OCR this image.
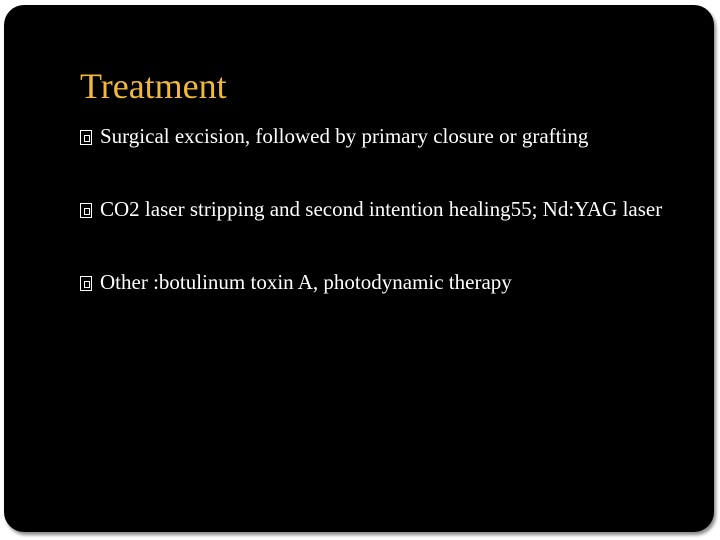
Treatment
Surgical excision, followed by primary closure or grafting
CO2 laser stripping and second intention healing55; Nd:YAG laser
Other :botulinum toxin A, photodynamic therapy
